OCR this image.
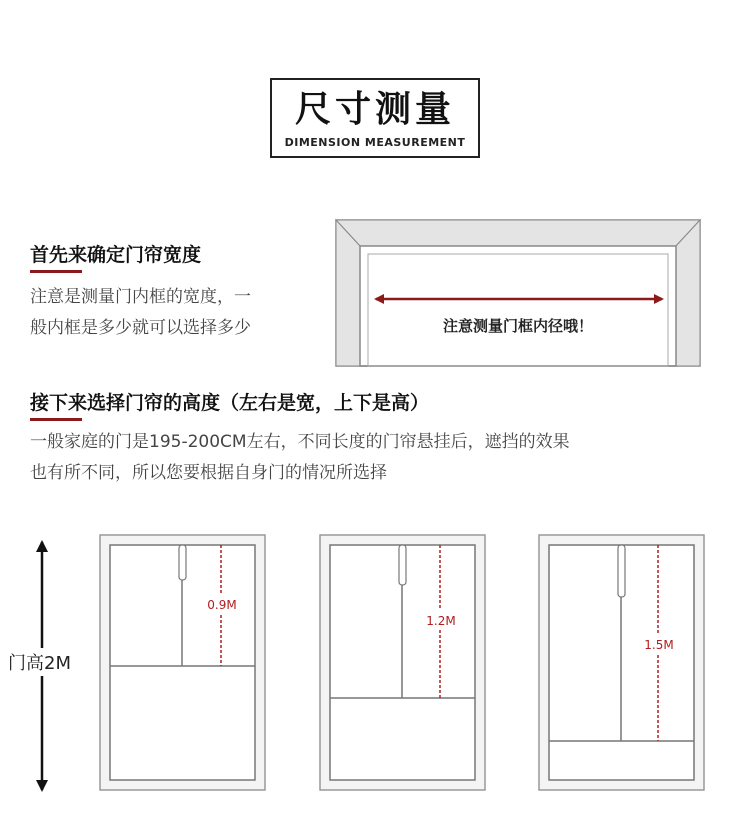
尺寸测量
DIMENSION MEASUREMENT
首先来确定门帘宽度

注意是测量门内框的宽度，一
般内框是多少就可以选择多少

接下来选择门帘的高度（左右是宽，上下是高）

一般家庭的门是195-200CM左右，不同长度的门帘悬挂后，遮挡的效果
也有所不同，所以您要根据自身门的情况所选择

注意测量门框内径哦！
门高2M
0.9M
1.2M
1.5M
